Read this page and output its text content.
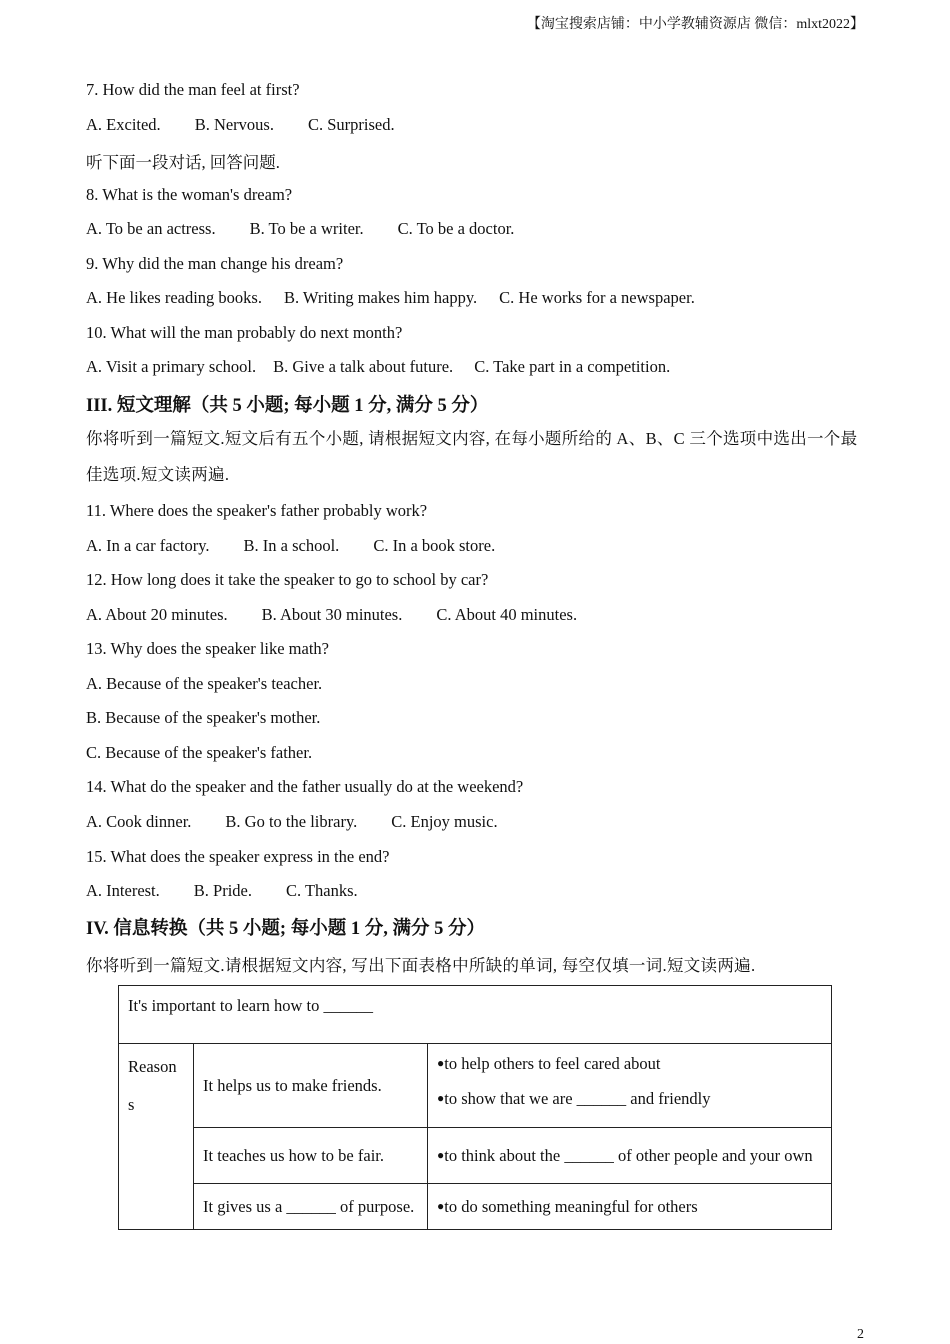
【淘宝搜索店铺：中小学教辅资源店 微信：mlxt2022】
7. How did the man feel at first?
A. Excited. B. Nervous. C. Surprised.
听下面一段对话, 回答问题.
8. What is the woman's dream?
A. To be an actress. B. To be a writer. C. To be a doctor.
9. Why did the man change his dream?
A. He likes reading books. B. Writing makes him happy. C. He works for a newspaper.
10. What will the man probably do next month?
A. Visit a primary school. B. Give a talk about future. C. Take part in a competition.
III. 短文理解（共 5 小题; 每小题 1 分, 满分 5 分）
你将听到一篇短文.短文后有五个小题, 请根据短文内容, 在每小题所给的 A、B、C 三个选项中选出一个最佳选项.短文读两遍.
11. Where does the speaker's father probably work?
A. In a car factory. B. In a school. C. In a book store.
12. How long does it take the speaker to go to school by car?
A. About 20 minutes. B. About 30 minutes. C. About 40 minutes.
13. Why does the speaker like math?
A. Because of the speaker's teacher.
B. Because of the speaker's mother.
C. Because of the speaker's father.
14. What do the speaker and the father usually do at the weekend?
A. Cook dinner. B. Go to the library. C. Enjoy music.
15. What does the speaker express in the end?
A. Interest. B. Pride. C. Thanks.
IV. 信息转换（共 5 小题; 每小题 1 分, 满分 5 分）
你将听到一篇短文.请根据短文内容, 写出下面表格中所缺的单词, 每空仅填一词.短文读两遍.
It's important to learn how to ______		
Reason
s	It helps us to make friends.	●to help others to feel cared about
●to show that we are ______ and friendly

	It teaches us how to be fair.	●to think about the ______ of other people and your own
	It gives us a ______ of purpose.	●to do something meaningful for others
2
